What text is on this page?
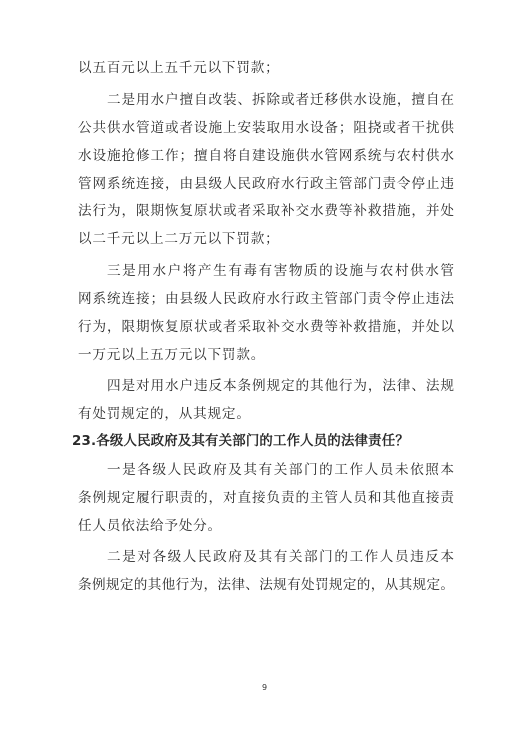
以五百元以上五千元以下罚款；
二是用水户擅自改装、拆除或者迁移供水设施，擅自在
公共供水管道或者设施上安装取用水设备；阻挠或者干扰供
水设施抢修工作；擅自将自建设施供水管网系统与农村供水
管网系统连接，由县级人民政府水行政主管部门责令停止违
法行为，限期恢复原状或者采取补交水费等补救措施，并处
以二千元以上二万元以下罚款；
三是用水户将产生有毒有害物质的设施与农村供水管
网系统连接；由县级人民政府水行政主管部门责令停止违法
行为，限期恢复原状或者采取补交水费等补救措施，并处以
一万元以上五万元以下罚款。
四是对用水户违反本条例规定的其他行为，法律、法规
有处罚规定的，从其规定。
23.各级人民政府及其有关部门的工作人员的法律责任？
一是各级人民政府及其有关部门的工作人员未依照本
条例规定履行职责的，对直接负责的主管人员和其他直接责
任人员依法给予处分。
二是对各级人民政府及其有关部门的工作人员违反本
条例规定的其他行为，法律、法规有处罚规定的，从其规定。
9
